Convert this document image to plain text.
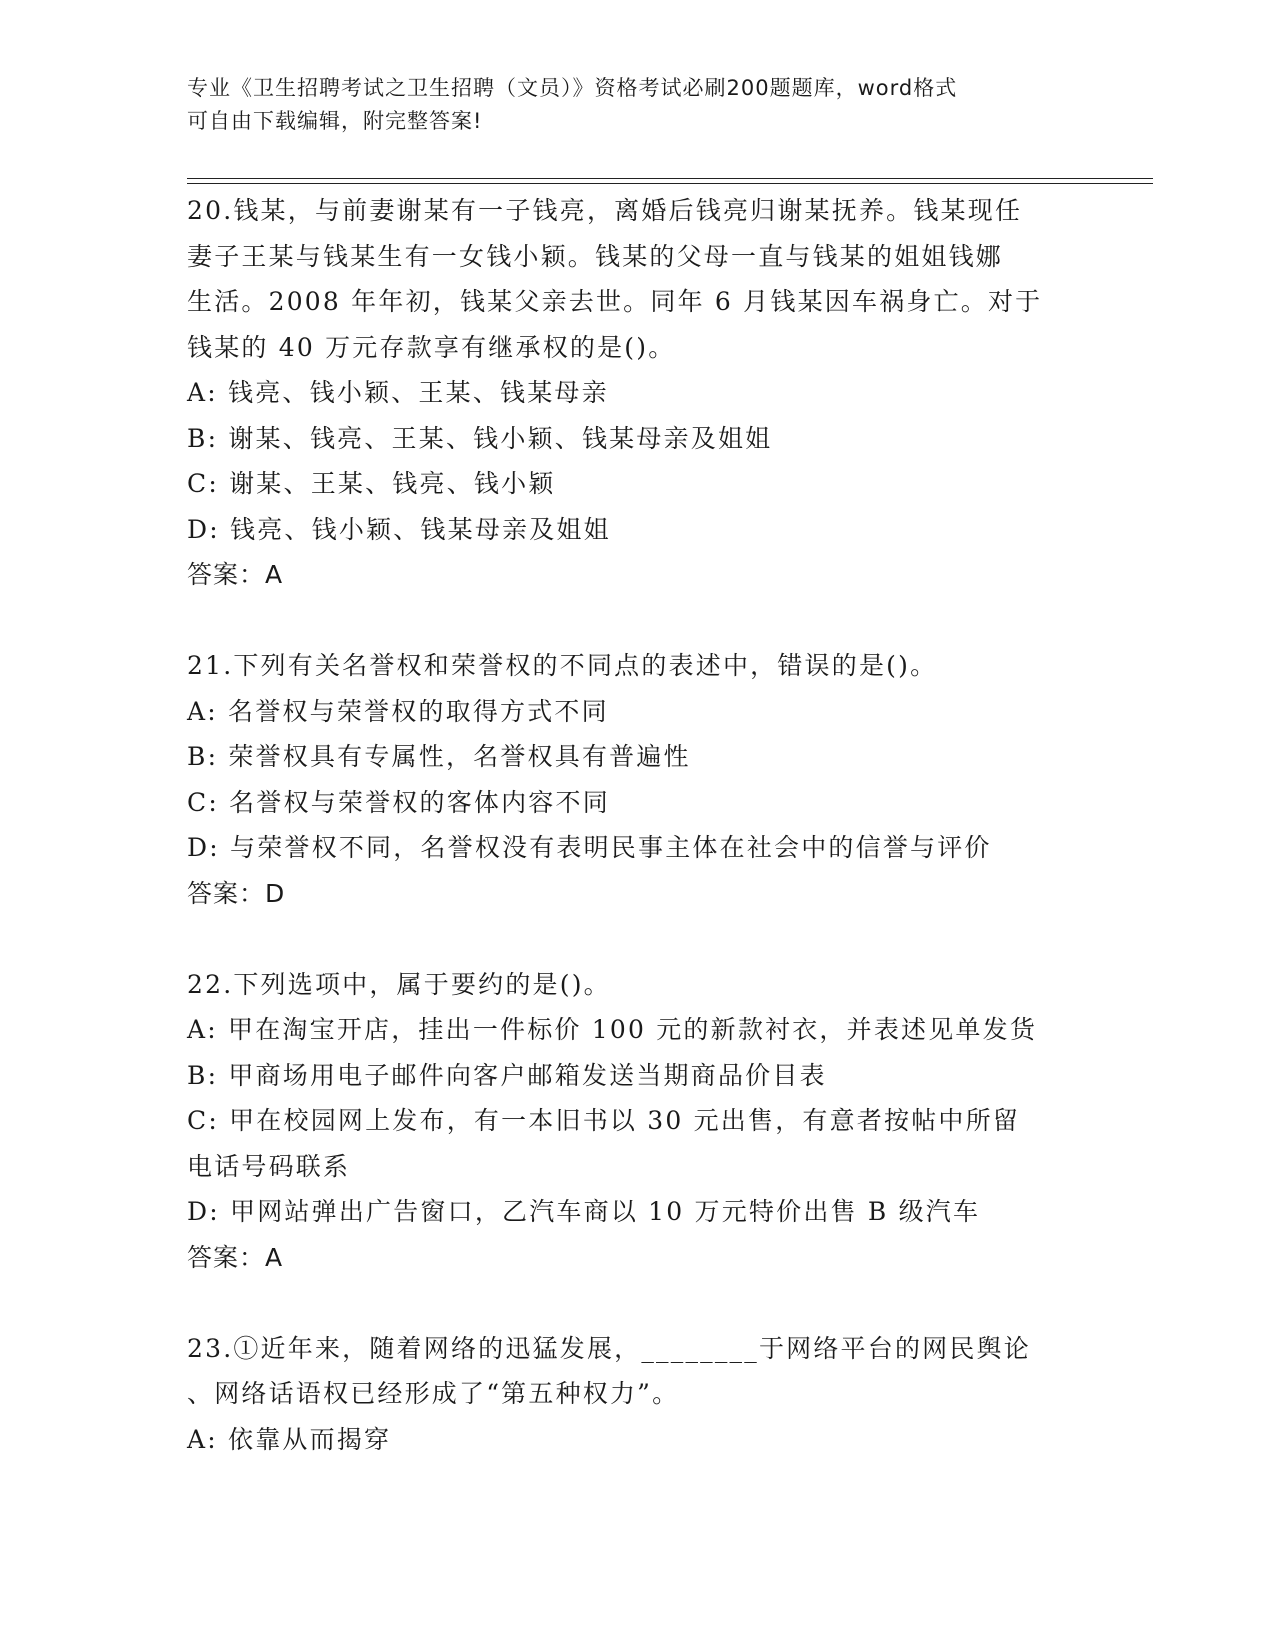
专业《卫生招聘考试之卫生招聘（文员）》资格考试必刷200题题库，word格式
可自由下载编辑，附完整答案!
20.钱某，与前妻谢某有一子钱亮，离婚后钱亮归谢某抚养。钱某现任
妻子王某与钱某生有一女钱小颖。钱某的父母一直与钱某的姐姐钱娜
生活。2008 年年初，钱某父亲去世。同年 6 月钱某因车祸身亡。对于
钱某的 40 万元存款享有继承权的是()。
A: 钱亮、钱小颖、王某、钱某母亲
B: 谢某、钱亮、王某、钱小颖、钱某母亲及姐姐
C: 谢某、王某、钱亮、钱小颖
D: 钱亮、钱小颖、钱某母亲及姐姐
答案：A
21.下列有关名誉权和荣誉权的不同点的表述中，错误的是()。
A: 名誉权与荣誉权的取得方式不同
B: 荣誉权具有专属性，名誉权具有普遍性
C: 名誉权与荣誉权的客体内容不同
D: 与荣誉权不同，名誉权没有表明民事主体在社会中的信誉与评价
答案：D
22.下列选项中，属于要约的是()。
A: 甲在淘宝开店，挂出一件标价 100 元的新款衬衣，并表述见单发货
B: 甲商场用电子邮件向客户邮箱发送当期商品价目表
C: 甲在校园网上发布，有一本旧书以 30 元出售，有意者按帖中所留
电话号码联系
D: 甲网站弹出广告窗口，乙汽车商以 10 万元特价出售 B 级汽车
答案：A
23.①近年来，随着网络的迅猛发展，________于网络平台的网民舆论
、网络话语权已经形成了“第五种权力”。
A: 依靠从而揭穿
